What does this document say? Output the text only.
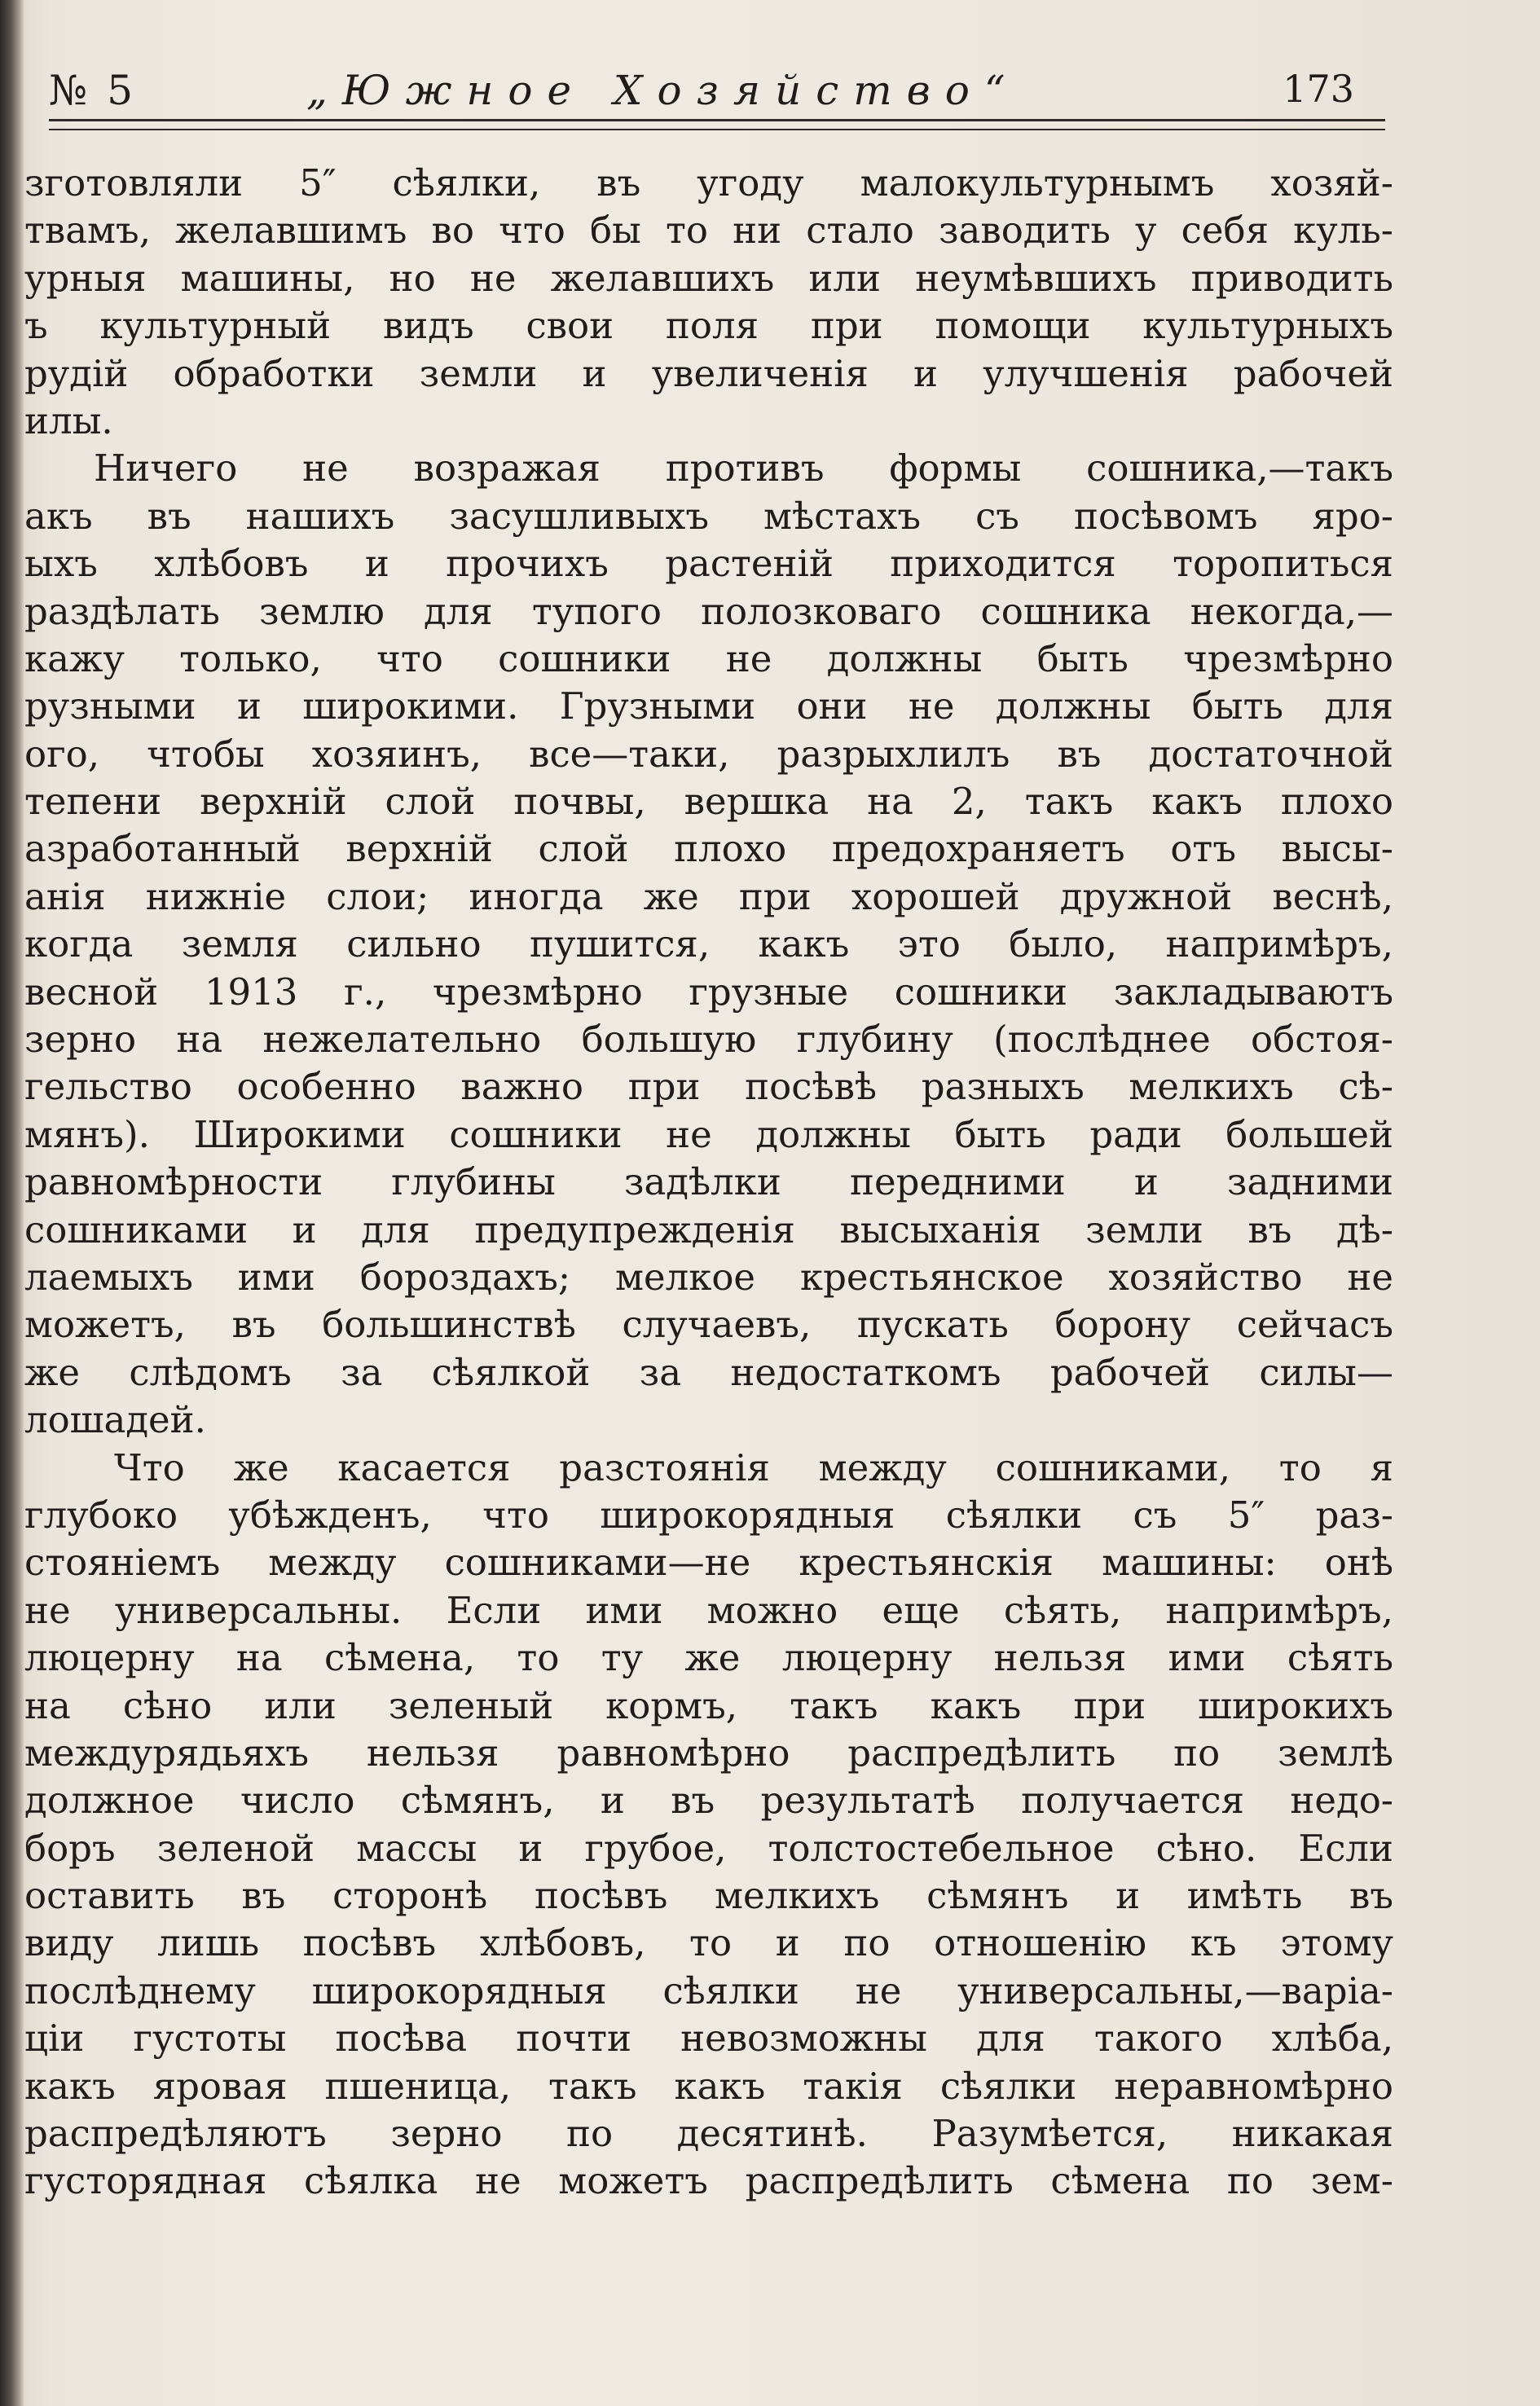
№ 5	„Южное Хозяйство“	173
зготовляли 5″ сѣялки, въ угоду малокультурнымъ хозяй-
твамъ, желавшимъ во что бы то ни стало заводить у себя куль-
урныя машины, но не желавшихъ или неумѣвшихъ приводить
ъ культурный видъ свои поля при помощи культурныхъ
рудій обработки земли и увеличенія и улучшенія рабочей
илы.
Ничего не возражая противъ формы сошника,—такъ
акъ въ нашихъ засушливыхъ мѣстахъ съ посѣвомъ яро-
ыхъ хлѣбовъ и прочихъ растеній приходится торопиться
раздѣлать землю для тупого полозковаго сошника некогда,—
кажу только, что сошники не должны быть чрезмѣрно
рузными и широкими. Грузными они не должны быть для
ого, чтобы хозяинъ, все—таки, разрыхлилъ въ достаточной
тепени верхній слой почвы, вершка на 2, такъ какъ плохо
азработанный верхній слой плохо предохраняетъ отъ высы-
анія нижніе слои; иногда же при хорошей дружной веснѣ,
когда земля сильно пушится, какъ это было, напримѣръ,
весной 1913 г., чрезмѣрно грузные сошники закладываютъ
зерно на нежелательно большую глубину (послѣднее обстоя-
гельство особенно важно при посѣвѣ разныхъ мелкихъ сѣ-
мянъ). Широкими сошники не должны быть ради большей
равномѣрности глубины задѣлки передними и задними
сошниками и для предупрежденія высыханія земли въ дѣ-
лаемыхъ ими бороздахъ; мелкое крестьянское хозяйство не
можетъ, въ большинствѣ случаевъ, пускать борону сейчасъ
же слѣдомъ за сѣялкой за недостаткомъ рабочей силы—
лошадей.
Что же касается разстоянія между сошниками, то я
глубоко убѣжденъ, что широкорядныя сѣялки съ 5″ раз-
стояніемъ между сошниками—не крестьянскія машины: онѣ
не универсальны. Если ими можно еще сѣять, напримѣръ,
люцерну на сѣмена, то ту же люцерну нельзя ими сѣять
на сѣно или зеленый кормъ, такъ какъ при широкихъ
междурядьяхъ нельзя равномѣрно распредѣлить по землѣ
должное число сѣмянъ, и въ результатѣ получается недо-
боръ зеленой массы и грубое, толстостебельное сѣно. Если
оставить въ сторонѣ посѣвъ мелкихъ сѣмянъ и имѣть въ
виду лишь посѣвъ хлѣбовъ, то и по отношенію къ этому
послѣднему широкорядныя сѣялки не универсальны,—варіа-
ціи густоты посѣва почти невозможны для такого хлѣба,
какъ яровая пшеница, такъ какъ такія сѣялки неравномѣрно
распредѣляютъ зерно по десятинѣ. Разумѣется, никакая
густорядная сѣялка не можетъ распредѣлить сѣмена по зем-
